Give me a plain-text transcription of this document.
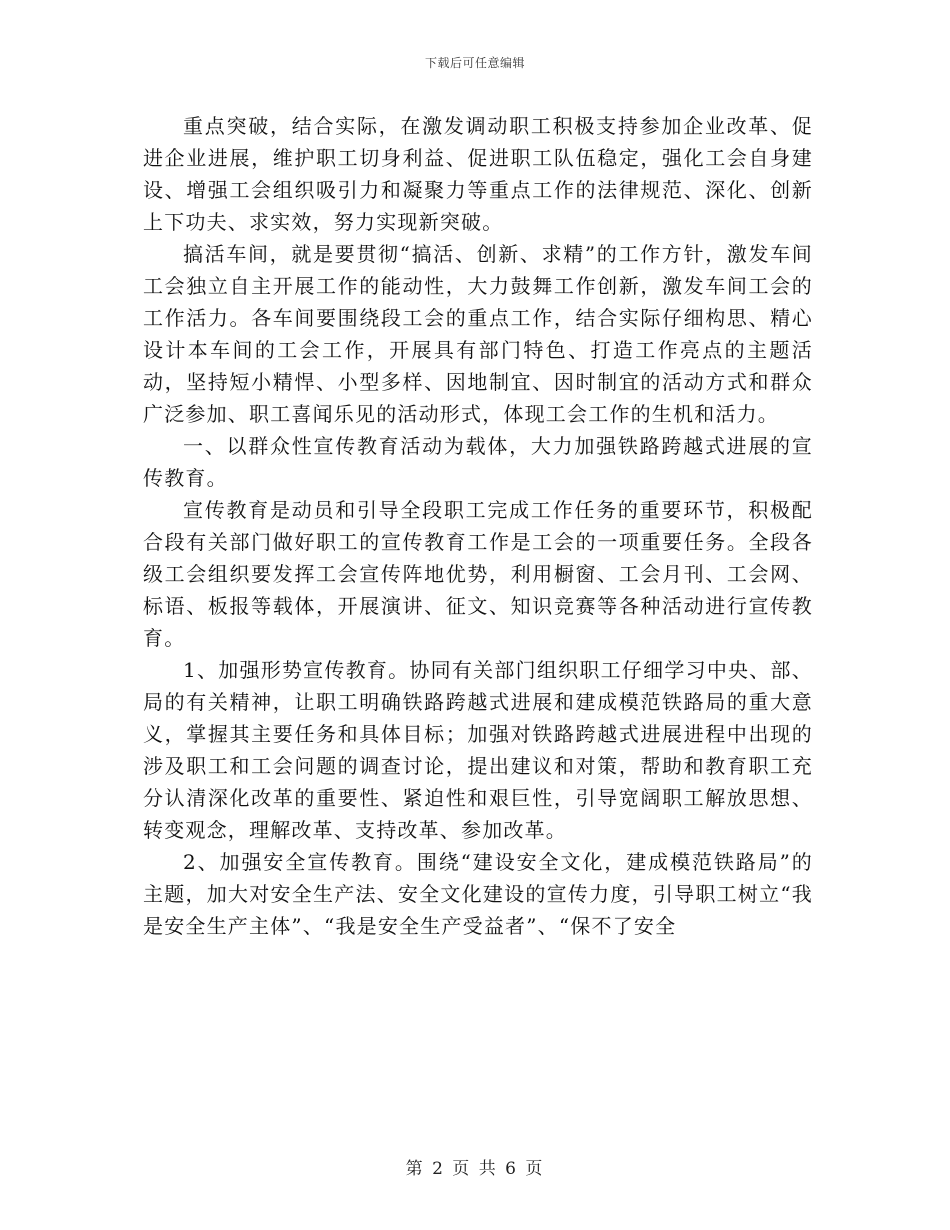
下载后可任意编辑

重点突破，结合实际，在激发调动职工积极支持参加企业改革、促进企业进展，维护职工切身利益、促进职工队伍稳定，强化工会自身建设、增强工会组织吸引力和凝聚力等重点工作的法律规范、深化、创新上下功夫、求实效，努力实现新突破。

搞活车间，就是要贯彻“搞活、创新、求精”的工作方针，激发车间工会独立自主开展工作的能动性，大力鼓舞工作创新，激发车间工会的工作活力。各车间要围绕段工会的重点工作，结合实际仔细构思、精心设计本车间的工会工作，开展具有部门特色、打造工作亮点的主题活动，坚持短小精悍、小型多样、因地制宜、因时制宜的活动方式和群众广泛参加、职工喜闻乐见的活动形式，体现工会工作的生机和活力。

一、以群众性宣传教育活动为载体，大力加强铁路跨越式进展的宣传教育。

宣传教育是动员和引导全段职工完成工作任务的重要环节，积极配合段有关部门做好职工的宣传教育工作是工会的一项重要任务。全段各级工会组织要发挥工会宣传阵地优势，利用橱窗、工会月刊、工会网、标语、板报等载体，开展演讲、征文、知识竞赛等各种活动进行宣传教育。

1、加强形势宣传教育。协同有关部门组织职工仔细学习中央、部、局的有关精神，让职工明确铁路跨越式进展和建成模范铁路局的重大意义，掌握其主要任务和具体目标；加强对铁路跨越式进展进程中出现的涉及职工和工会问题的调查讨论，提出建议和对策，帮助和教育职工充分认清深化改革的重要性、紧迫性和艰巨性，引导宽阔职工解放思想、转变观念，理解改革、支持改革、参加改革。

2、加强安全宣传教育。围绕“建设安全文化，建成模范铁路局”的主题，加大对安全生产法、安全文化建设的宣传力度，引导职工树立“我是安全生产主体”、“我是安全生产受益者”、“保不了安全

第 2 页 共 6 页
